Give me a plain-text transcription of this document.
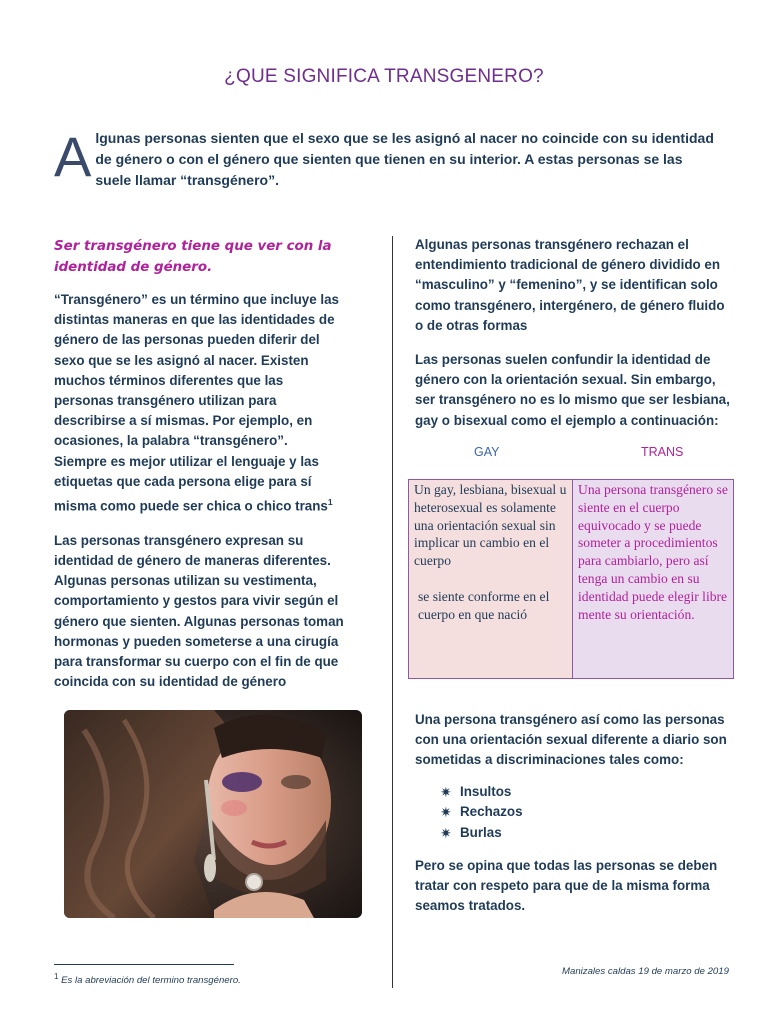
¿QUE SIGNIFICA TRANSGENERO?
Algunas personas sienten que el sexo que se les asignó al nacer no coincide con su identidad de género o con el género que sienten que tienen en su interior. A estas personas se las suele llamar “transgénero”.
Ser transgénero tiene que ver con la identidad de género.

“Transgénero” es un término que incluye las distintas maneras en que las identidades de género de las personas pueden diferir del sexo que se les asignó al nacer. Existen muchos términos diferentes que las personas transgénero utilizan para describirse a sí mismas. Por ejemplo, en ocasiones, la palabra “transgénero”. Siempre es mejor utilizar el lenguaje y las etiquetas que cada persona elige para sí misma como puede ser chica o chico trans$^1$

Las personas transgénero expresan su identidad de género de maneras diferentes. Algunas personas utilizan su vestimenta, comportamiento y gestos para vivir según el género que sienten. Algunas personas toman hormonas y pueden someterse a una cirugía para transformar su cuerpo con el fin de que coincida con su identidad de género

Algunas personas transgénero rechazan el entendimiento tradicional de género dividido en “masculino” y “femenino”, y se identifican solo como transgénero, intergénero, de género fluido o de otras formas

Las personas suelen confundir la identidad de género con la orientación sexual. Sin embargo, ser transgénero no es lo mismo que ser lesbiana, gay o bisexual como el ejemplo a continuación:

GAY	TRANS
Un gay, lesbiana, bisexual u heterosexual es solamente una orientación sexual sin implicar un cambio en el cuerpo
se siente conforme en el cuerpo en que nació
Una persona transgénero se siente en el cuerpo equivocado y se puede someter a procedimientos para cambiarlo, pero así tenga un cambio en su identidad puede elegir libre mente su orientación.

Una persona transgénero así como las personas con una orientación sexual diferente a diario son sometidas a discriminaciones tales como:

✷ Insultos
✷ Rechazos
✷ Burlas

Pero se opina que todas las personas se deben tratar con respeto para que de la misma forma seamos tratados.

$^1$ Es la abreviación del termino transgénero.
Manizales caldas 19 de marzo de 2019
